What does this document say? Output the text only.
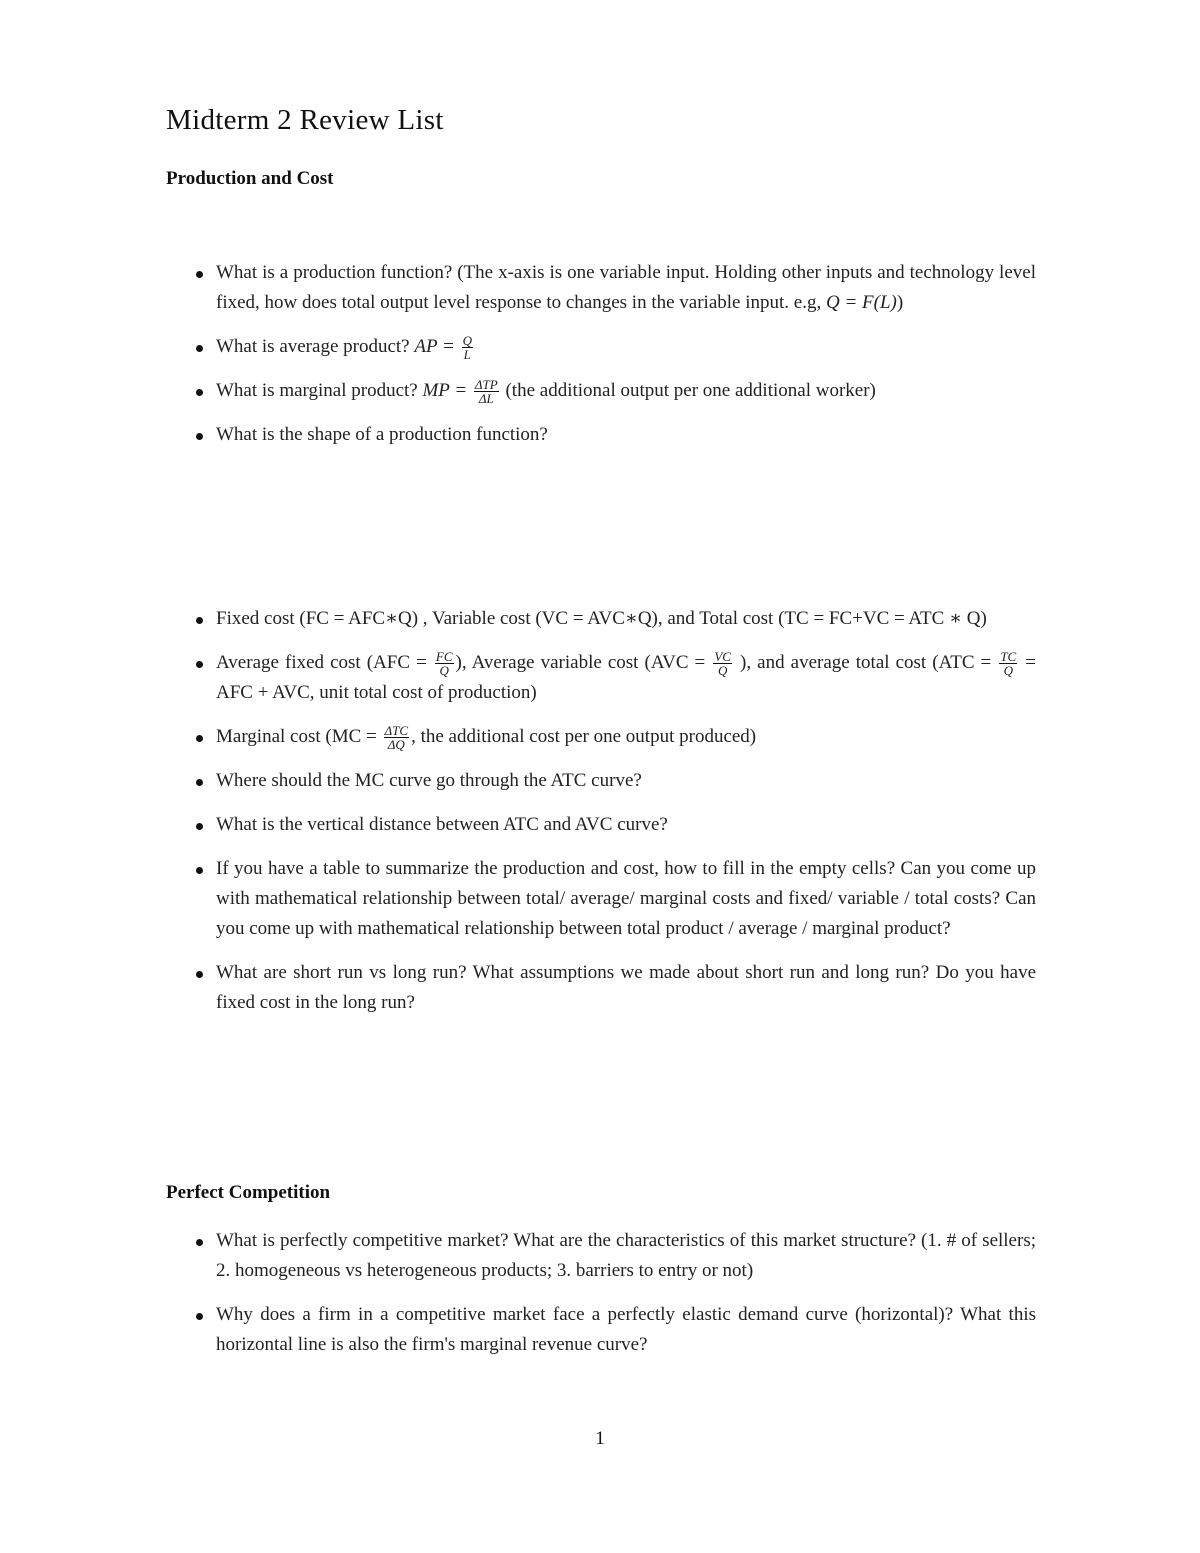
Midterm 2 Review List
Production and Cost
What is a production function? (The x-axis is one variable input. Holding other inputs and technology level fixed, how does total output level response to changes in the variable input. e.g, Q = F(L))
What is average product? AP = $\frac{Q}{L}$
What is marginal product? MP = $\frac{\text{ΔTP}}{\Delta L} (the$ additional output per one additional worker)
What is the shape of a production function?
Fixed cost (FC = AFC∗Q) , Variable cost (VC = AVC∗Q), and Total cost (TC = FC+VC = ATC ∗ Q)
Average fixed cost ($AFC = \frac{FC}{Q}$ ), Average variable cost ($AVC = \frac{VC}{Q}$ ), and average total cost ($ATC = \frac{TC}{Q}$ = AFC + AVC, unit total cost of production)
Marginal cost ($MC = \frac{\text{ΔTC}}{\Delta Q}$ , the additional cost per one output produced)
Where should the MC curve go through the ATC curve?
What is the vertical distance between ATC and AVC curve?
If you have a table to summarize the production and cost, how to fill in the empty cells? Can you come up with mathematical relationship between total/ average/ marginal costs and fixed/ variable / total costs? Can you come up with mathematical relationship between total product / average / marginal product?
What are short run vs long run? What assumptions we made about short run and long run? Do you have fixed cost in the long run?
Perfect Competition
What is perfectly competitive market? What are the characteristics of this market structure? (1. # of sellers; 2. homogeneous vs heterogeneous products; 3. barriers to entry or not)
Why does a firm in a competitive market face a perfectly elastic demand curve (horizontal)? What this horizontal line is also the firm's marginal revenue curve?
1
